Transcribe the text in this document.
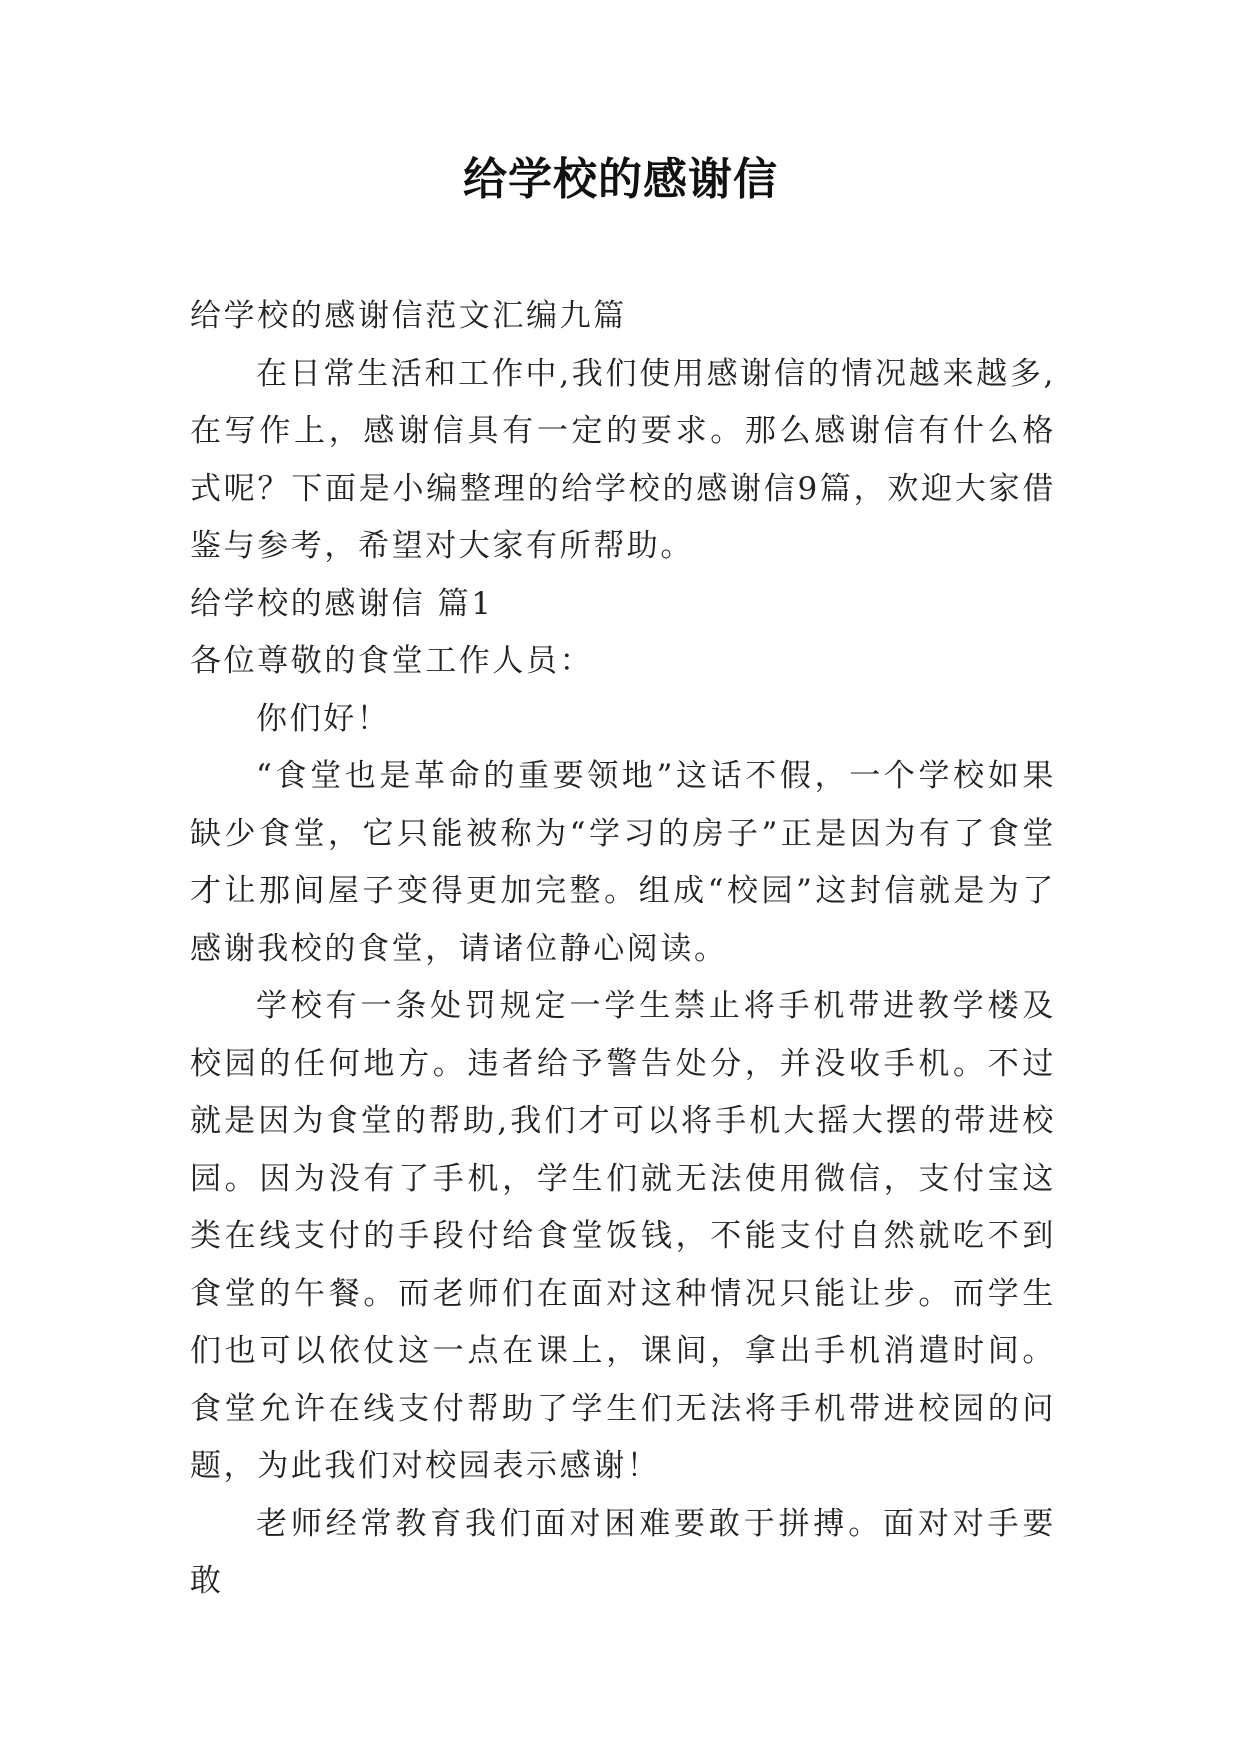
给学校的感谢信

给学校的感谢信范文汇编九篇

在日常生活和工作中,我们使用感谢信的情况越来越多,在写作上，感谢信具有一定的要求。那么感谢信有什么格式呢？下面是小编整理的给学校的感谢信9篇，欢迎大家借鉴与参考，希望对大家有所帮助。

给学校的感谢信 篇1

各位尊敬的食堂工作人员：

你们好！

“食堂也是革命的重要领地”这话不假，一个学校如果缺少食堂，它只能被称为“学习的房子”正是因为有了食堂才让那间屋子变得更加完整。组成“校园”这封信就是为了感谢我校的食堂，请诸位静心阅读。

学校有一条处罚规定一学生禁止将手机带进教学楼及校园的任何地方。违者给予警告处分，并没收手机。不过就是因为食堂的帮助,我们才可以将手机大摇大摆的带进校园。因为没有了手机，学生们就无法使用微信，支付宝这类在线支付的手段付给食堂饭钱，不能支付自然就吃不到食堂的午餐。而老师们在面对这种情况只能让步。而学生们也可以依仗这一点在课上，课间，拿出手机消遣时间。食堂允许在线支付帮助了学生们无法将手机带进校园的问题，为此我们对校园表示感谢！

老师经常教育我们面对困难要敢于拼搏。面对对手要敢
